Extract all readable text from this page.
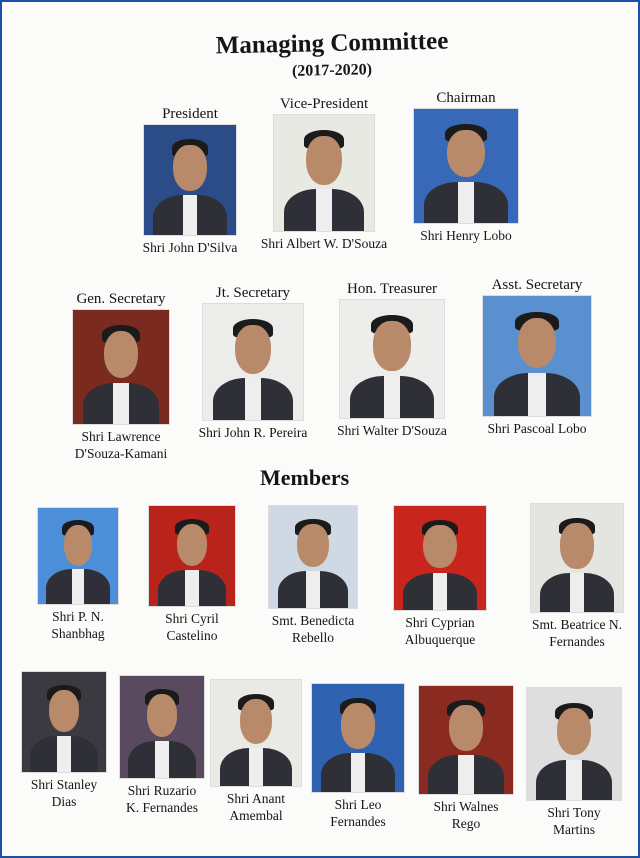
Managing Committee
(2017-2020)
President
Shri John D'Silva
Vice-President
Shri Albert W. D'Souza
Chairman
Shri Henry Lobo
Gen. Secretary
Shri Lawrence
D'Souza-Kamani
Jt. Secretary
Shri John R. Pereira
Hon. Treasurer
Shri Walter D'Souza
Asst. Secretary
Shri Pascoal Lobo
Members
Shri P. N.
Shanbhag
Shri Cyril
Castelino
Smt. Benedicta
Rebello
Shri Cyprian
Albuquerque
Smt. Beatrice N.
Fernandes
Shri Stanley
Dias
Shri Ruzario
K. Fernandes
Shri Anant
Amembal
Shri Leo
Fernandes
Shri Walnes
Rego
Shri Tony
Martins
